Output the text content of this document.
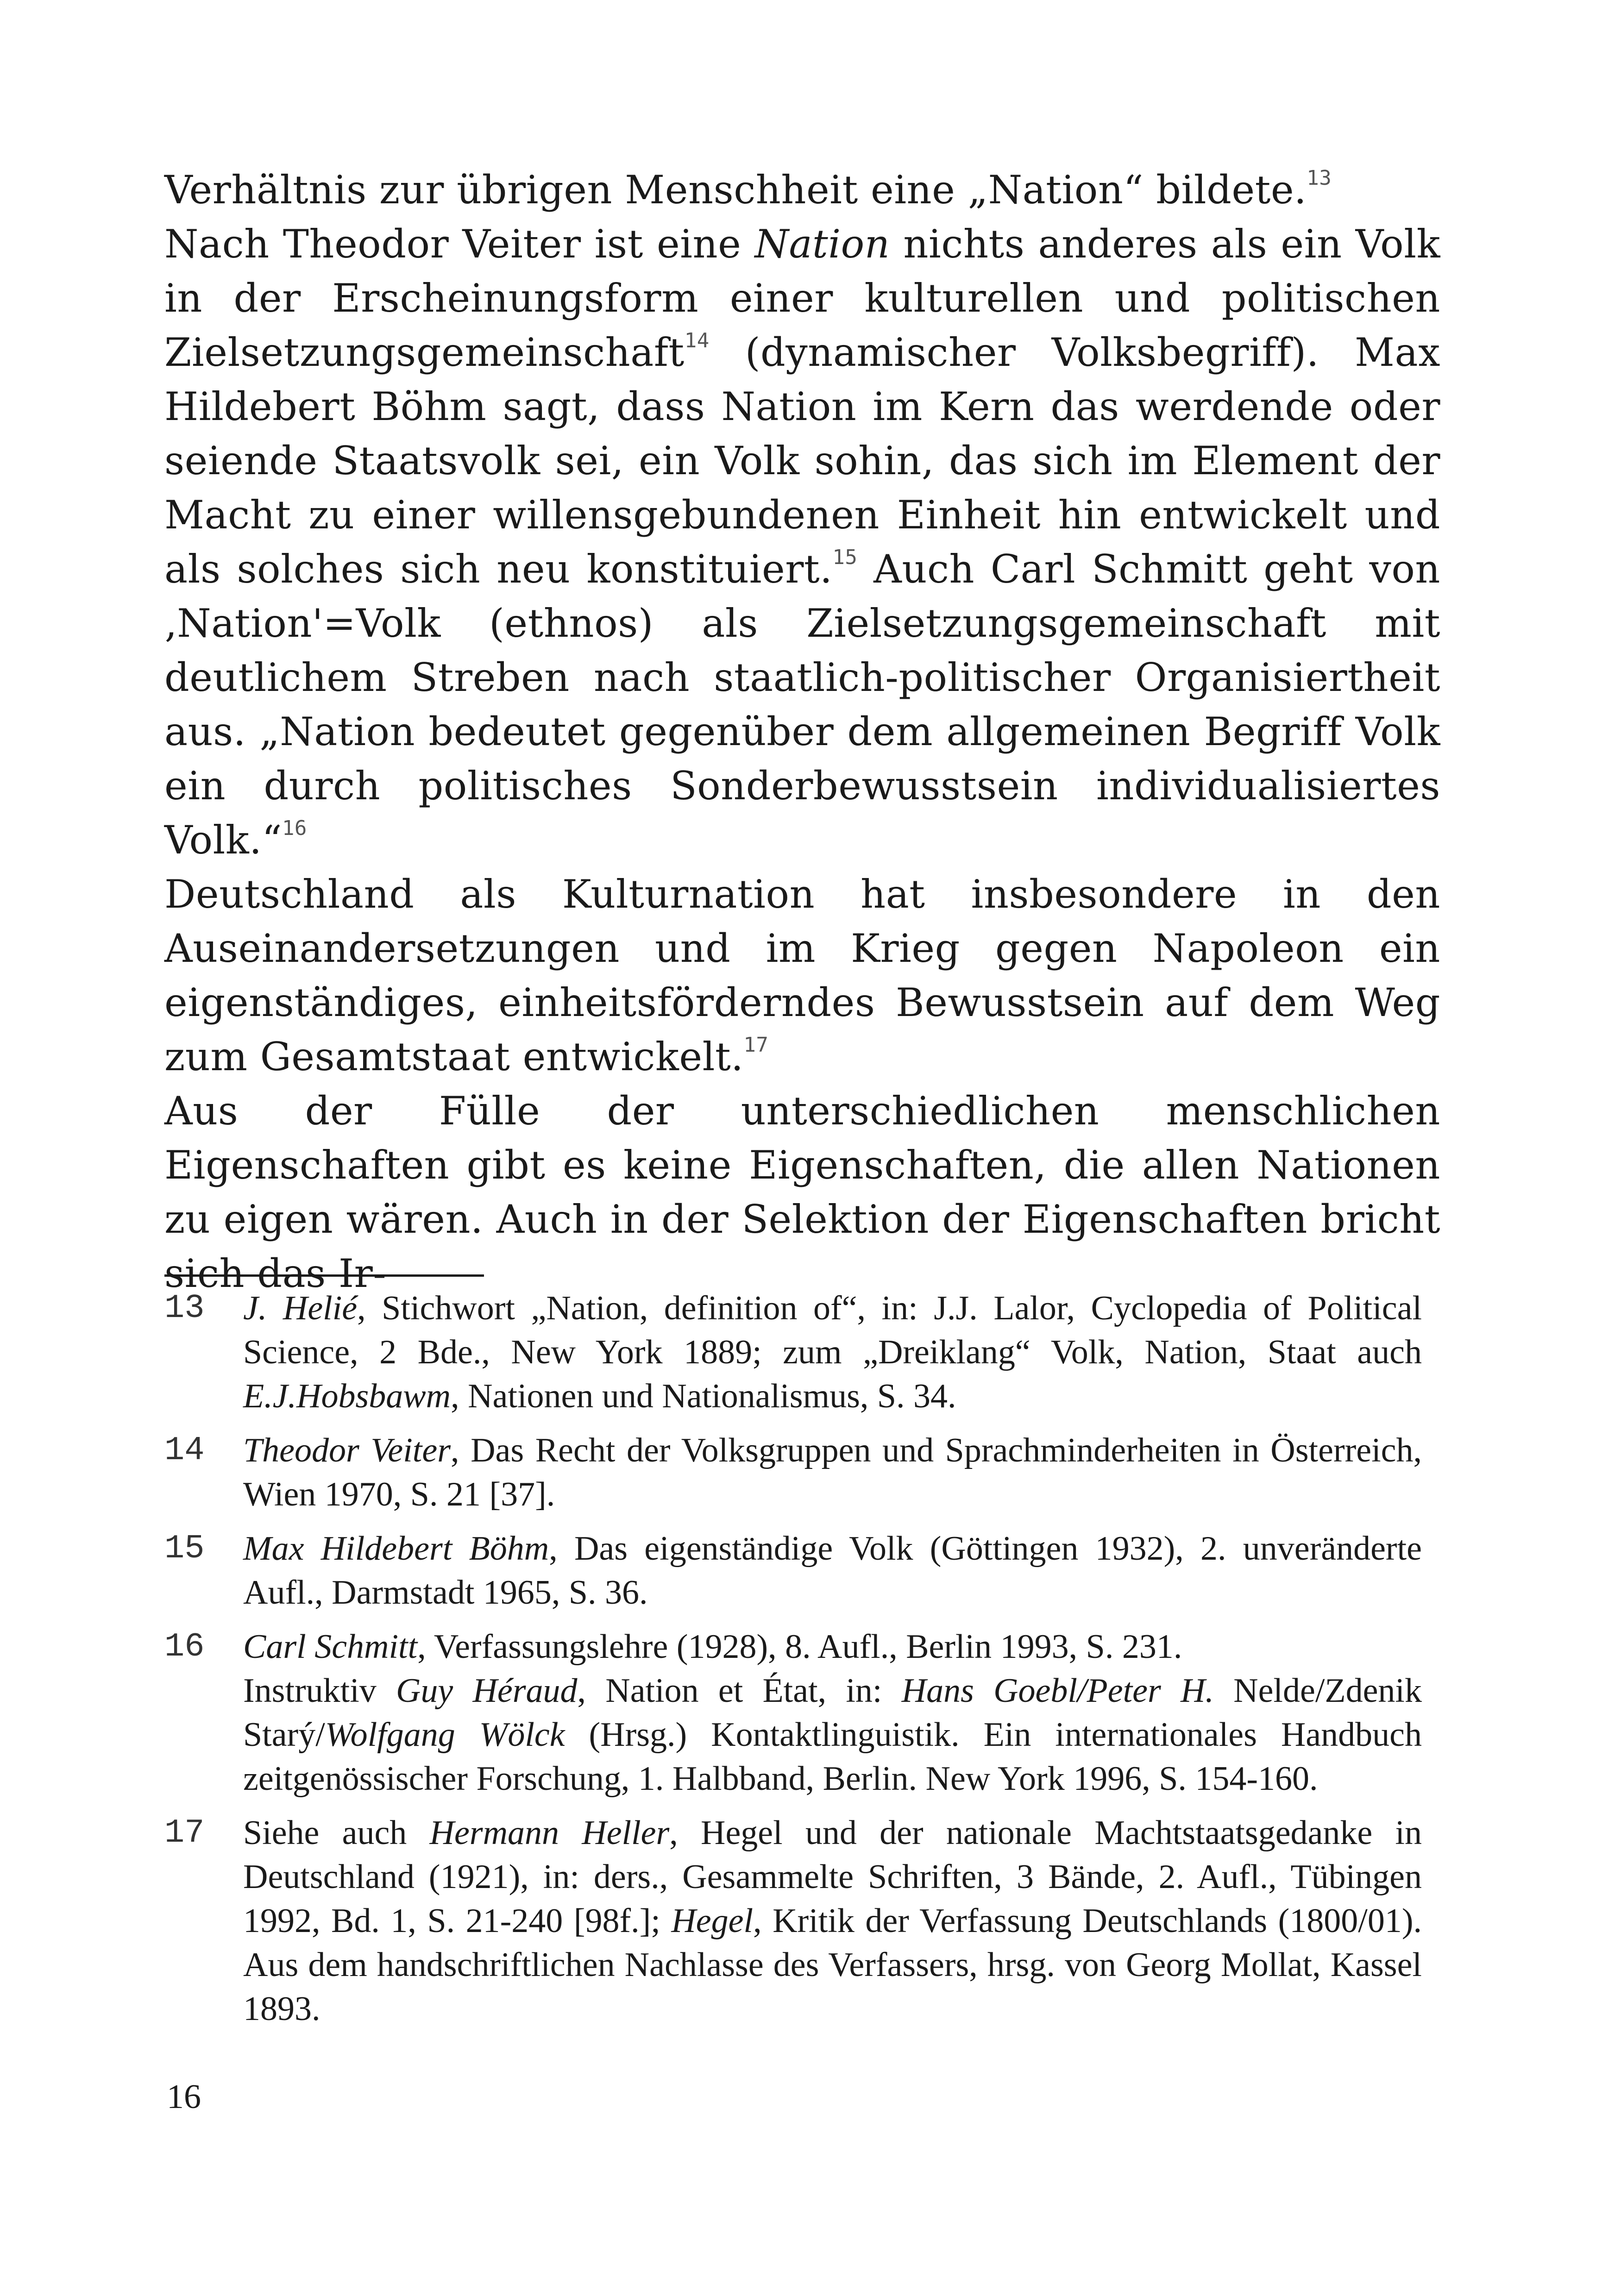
Verhältnis zur übrigen Menschheit eine „Nation“ bildete.$^{13}$

Nach Theodor Veiter ist eine Nation nichts anderes als ein Volk in der Erscheinungsform einer kulturellen und politischen Zielsetzungsgemeinschaft$^{14}$ (dynamischer Volksbegriff). Max Hildebert Böhm sagt, dass Nation im Kern das werdende oder seiende Staatsvolk sei, ein Volk sohin, das sich im Element der Macht zu einer willensgebundenen Einheit hin entwickelt und als solches sich neu konstituiert.$^{15}$ Auch Carl Schmitt geht von ‚Nation'=Volk (ethnos) als Zielsetzungsgemeinschaft mit deutlichem Streben nach staatlich-politischer Organisiertheit aus. „Nation bedeutet gegenüber dem allgemeinen Begriff Volk ein durch politisches Sonderbewusstsein individualisiertes Volk.“$^{16}$

Deutschland als Kulturnation hat insbesondere in den Auseinandersetzungen und im Krieg gegen Napoleon ein eigenständiges, einheitsförderndes Bewusstsein auf dem Weg zum Gesamtstaat entwickelt.$^{17}$

Aus der Fülle der unterschiedlichen menschlichen Eigenschaften gibt es keine Eigenschaften, die allen Nationen zu eigen wären. Auch in der Selektion der Eigenschaften bricht sich das Ir-

13	J. Helié, Stichwort „Nation, definition of“, in: J.J. Lalor, Cyclopedia of Political Science, 2 Bde., New York 1889; zum „Dreiklang“ Volk, Nation, Staat auch E.J.Hobsbawm, Nationen und Nationalismus, S. 34.
14	Theodor Veiter, Das Recht der Volksgruppen und Sprachminderheiten in Österreich, Wien 1970, S. 21 [37].
15	Max Hildebert Böhm, Das eigenständige Volk (Göttingen 1932), 2. unveränderte Aufl., Darmstadt 1965, S. 36.
16	Carl Schmitt, Verfassungslehre (1928), 8. Aufl., Berlin 1993, S. 231.
Instruktiv Guy Héraud, Nation et État, in: Hans Goebl/Peter H. Nelde/Zdenik Starý/Wolfgang Wölck (Hrsg.) Kontaktlinguistik. Ein internationales Handbuch zeitgenössischer Forschung, 1. Halbband, Berlin. New York 1996, S. 154-160.
17	Siehe auch Hermann Heller, Hegel und der nationale Machtstaatsgedanke in Deutschland (1921), in: ders., Gesammelte Schriften, 3 Bände, 2. Aufl., Tübingen 1992, Bd. 1, S. 21-240 [98f.]; Hegel, Kritik der Verfassung Deutschlands (1800/01). Aus dem handschriftlichen Nachlasse des Verfassers, hrsg. von Georg Mollat, Kassel 1893.
16
